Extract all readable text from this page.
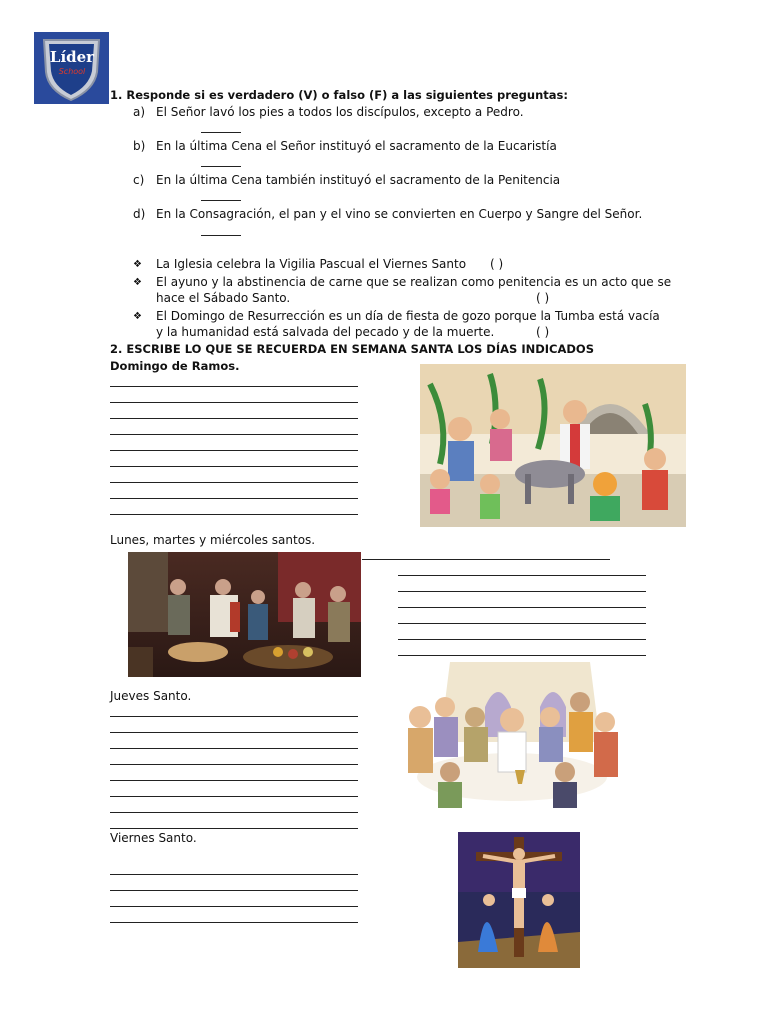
Líder
School
1. Responde si es verdadero (V) o falso (F) a las siguientes preguntas:
a) El Señor lavó los pies a todos los discípulos, excepto a Pedro.
b) En la última Cena el Señor instituyó el sacramento de la Eucaristía
c) En la última Cena también instituyó el sacramento de la Penitencia
d) En la Consagración, el pan y el vino se convierten en Cuerpo y Sangre del Señor.
❖ La Iglesia celebra la Vigilia Pascual el Viernes Santo ( )
❖ El ayuno y la abstinencia de carne que se realizan como penitencia es un acto que se
hace el Sábado Santo.	( )
❖ El Domingo de Resurrección es un día de fiesta de gozo porque la Tumba está vacía
y la humanidad está salvada del pecado y de la muerte.	( )
2. ESCRIBE LO QUE SE RECUERDA EN SEMANA SANTA LOS DÍAS INDICADOS
Domingo de Ramos.
Lunes, martes y miércoles santos.
Jueves Santo.
Viernes Santo.
